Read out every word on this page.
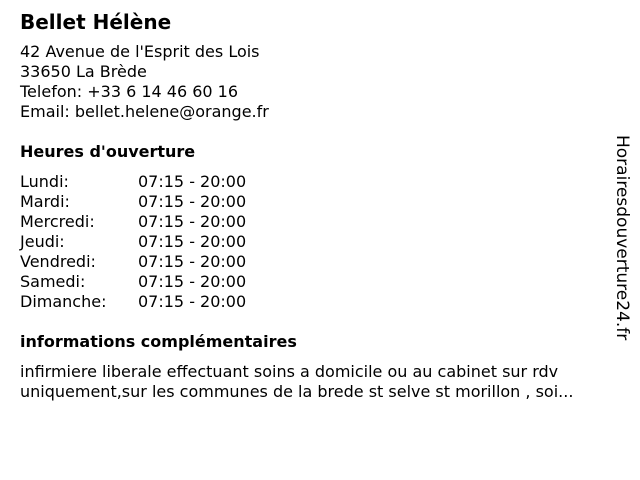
Bellet Hélène
42 Avenue de l'Esprit des Lois
33650 La Brède
Telefon: +33 6 14 46 60 16
Email: bellet.helene@orange.fr
Heures d'ouverture
Lundi:	07:15 - 20:00
Mardi:	07:15 - 20:00
Mercredi:	07:15 - 20:00
Jeudi:	07:15 - 20:00
Vendredi:	07:15 - 20:00
Samedi:	07:15 - 20:00
Dimanche:	07:15 - 20:00
informations complémentaires
infirmiere liberale effectuant soins a domicile ou au cabinet sur rdv
uniquement,sur les communes de la brede st selve st morillon , soi...
Horairesdouverture24.fr
